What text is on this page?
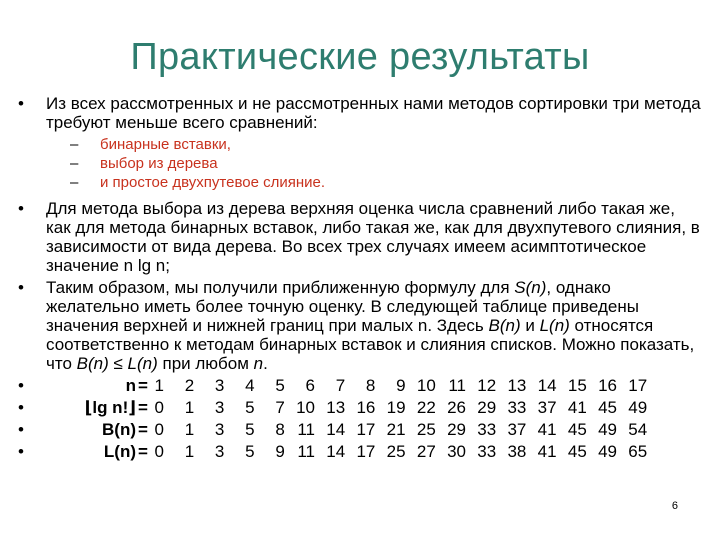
Практические результаты
•	Из всех рассмотренных и не рассмотренных нами методов сортировки три метода требуют меньше всего сравнений:
– бинарные вставки,
– выбор из дерева
– и простое двухпутевое слияние.
•	Для метода выбора из дерева верхняя оценка числа сравнений либо такая же, как для метода бинарных вставок, либо такая же, как для двухпутевого слияния, в зависимости от вида дерева. Во всех трех случаях имеем асимптотическое значение n lg n;
•	Таким образом, мы получили приближенную формулу для S(n), однако желательно иметь более точную оценку. В следующей таблице приведены значения верхней и нижней границ при малых n. Здесь B(n) и L(n) относятся соответственно к методам бинарных вставок и слияния списков. Можно показать, что B(n) ≤ L(n) при любом n.
•	n = 1	2	3	4	5	6	7	8	9 10 11 12 13 14 15 16 17
•	⌊lg n!⌋ = 0	1	3	5	7 10 13 16 19 22 26 29 33 37 41 45 49
•	B(n) = 0	1	3	5	8 11 14 17 21 25 29 33 37 41 45 49 54
•	L(n) = 0	1	3	5	9 11 14 17 25 27 30 33 38 41 45 49 65
6
